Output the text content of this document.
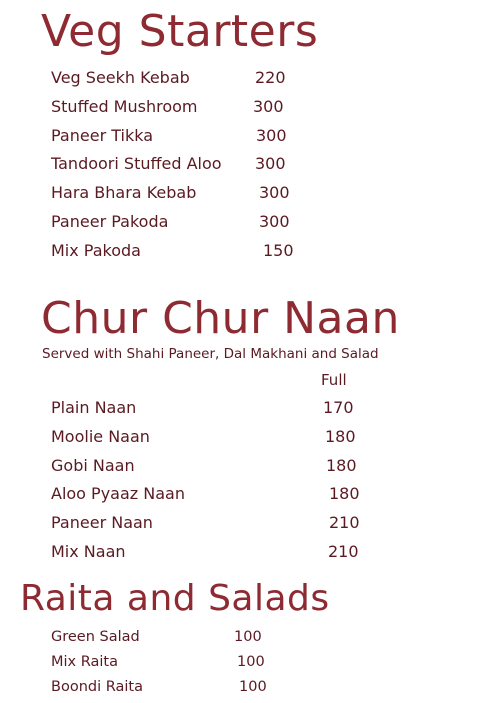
Veg Starters
Veg Seekh Kebab	220
Stuffed Mushroom	300
Paneer Tikka	300
Tandoori Stuffed Aloo 300
Hara Bhara Kebab	300
Paneer Pakoda	300
Mix Pakoda	150
Chur Chur Naan
Served with Shahi Paneer, Dal Makhani and Salad
Full
Plain Naan	170
Moolie Naan	180
Gobi Naan	180
Aloo Pyaaz Naan	180
Paneer Naan	210
Mix Naan	210
Raita and Salads
Green Salad	100
Mix Raita	100
Boondi Raita	100
